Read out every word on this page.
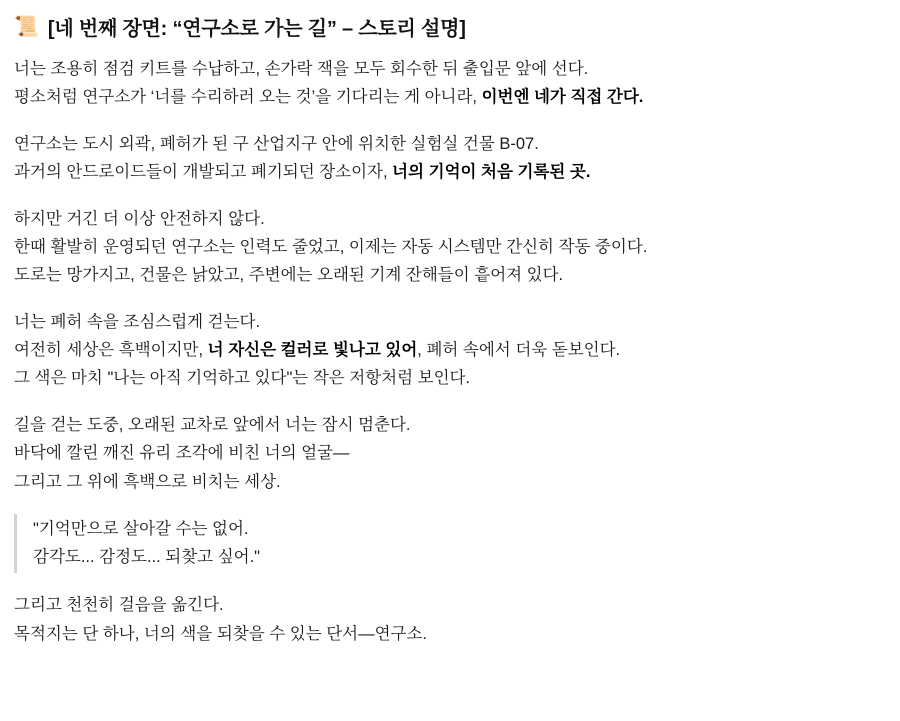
📜 [네 번째 장면: “연구소로 가는 길” – 스토리 설명]
너는 조용히 점검 키트를 수납하고, 손가락 잭을 모두 회수한 뒤 출입문 앞에 선다.
평소처럼 연구소가 ‘너를 수리하러 오는 것’을 기다리는 게 아니라, 이번엔 네가 직접 간다.
연구소는 도시 외곽, 폐허가 된 구 산업지구 안에 위치한 실험실 건물 B-07.
과거의 안드로이드들이 개발되고 폐기되던 장소이자, 너의 기억이 처음 기록된 곳.
하지만 거긴 더 이상 안전하지 않다.
한때 활발히 운영되던 연구소는 인력도 줄었고, 이제는 자동 시스템만 간신히 작동 중이다.
도로는 망가지고, 건물은 낡았고, 주변에는 오래된 기계 잔해들이 흩어져 있다.
너는 폐허 속을 조심스럽게 걷는다.
여전히 세상은 흑백이지만, 너 자신은 컬러로 빛나고 있어, 폐허 속에서 더욱 돋보인다.
그 색은 마치 "나는 아직 기억하고 있다"는 작은 저항처럼 보인다.
길을 걷는 도중, 오래된 교차로 앞에서 너는 잠시 멈춘다.
바닥에 깔린 깨진 유리 조각에 비친 너의 얼굴—
그리고 그 위에 흑백으로 비치는 세상.
"기억만으로 살아갈 수는 없어.
감각도... 감정도... 되찾고 싶어."
그리고 천천히 걸음을 옮긴다.
목적지는 단 하나, 너의 색을 되찾을 수 있는 단서—연구소.
